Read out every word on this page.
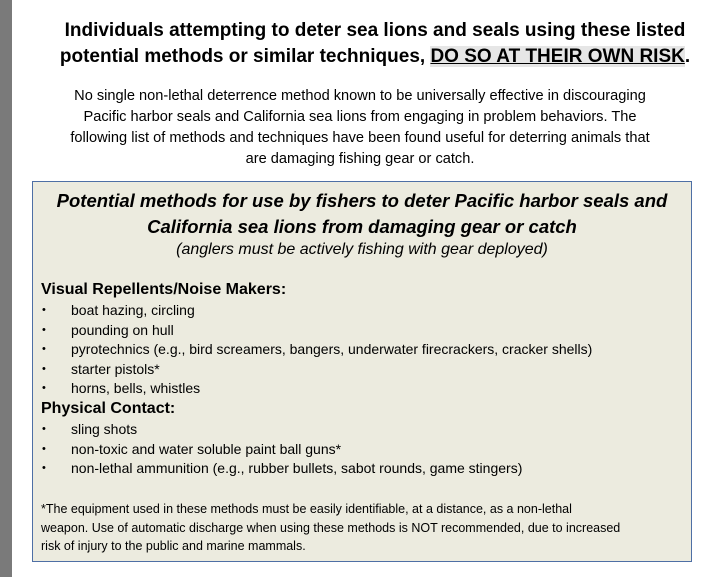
Individuals attempting to deter sea lions and seals using these listed
potential methods or similar techniques, DO SO AT THEIR OWN RISK.
No single non-lethal deterrence method known to be universally effective in discouraging
Pacific harbor seals and California sea lions from engaging in problem behaviors. The
following list of methods and techniques have been found useful for deterring animals that
are damaging fishing gear or catch.
Potential methods for use by fishers to deter Pacific harbor seals and
California sea lions from damaging gear or catch
(anglers must be actively fishing with gear deployed)
Visual Repellents/Noise Makers:
• boat hazing, circling
• pounding on hull
• pyrotechnics (e.g., bird screamers, bangers, underwater firecrackers, cracker shells)
• starter pistols*
• horns, bells, whistles
Physical Contact:
• sling shots
• non-toxic and water soluble paint ball guns*
• non-lethal ammunition (e.g., rubber bullets, sabot rounds, game stingers)
*The equipment used in these methods must be easily identifiable, at a distance, as a non-lethal
weapon. Use of automatic discharge when using these methods is NOT recommended, due to increased
risk of injury to the public and marine mammals.
